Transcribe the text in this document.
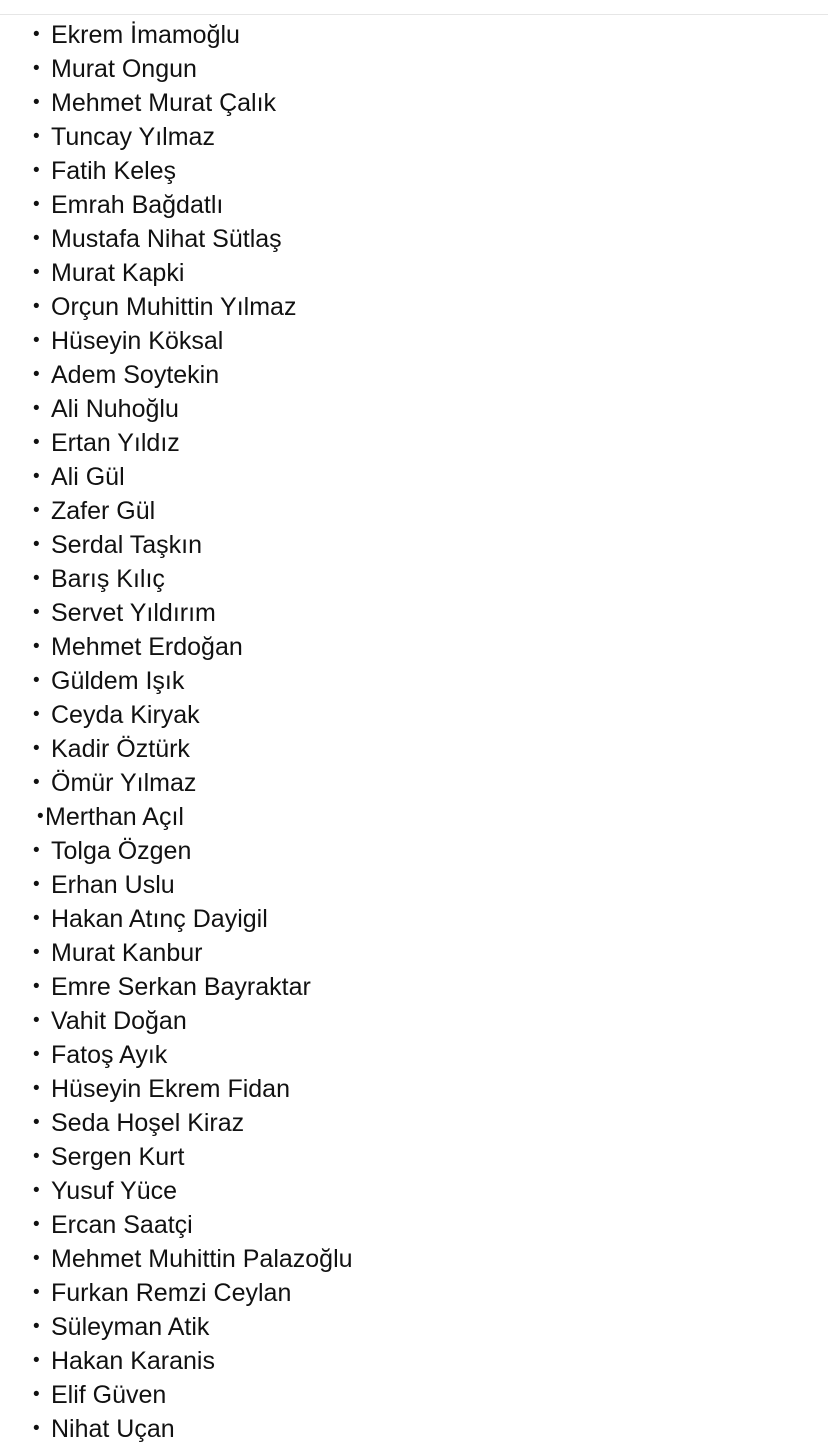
• Ekrem İmamoğlu
• Murat Ongun
• Mehmet Murat Çalık
• Tuncay Yılmaz
• Fatih Keleş
• Emrah Bağdatlı
• Mustafa Nihat Sütlaş
• Murat Kapki
• Orçun Muhittin Yılmaz
• Hüseyin Köksal
• Adem Soytekin
• Ali Nuhoğlu
• Ertan Yıldız
• Ali Gül
• Zafer Gül
• Serdal Taşkın
• Barış Kılıç
• Servet Yıldırım
• Mehmet Erdoğan
• Güldem Işık
• Ceyda Kiryak
• Kadir Öztürk
• Ömür Yılmaz
• Merthan Açıl
• Tolga Özgen
• Erhan Uslu
• Hakan Atınç Dayigil
• Murat Kanbur
• Emre Serkan Bayraktar
• Vahit Doğan
• Fatoş Ayık
• Hüseyin Ekrem Fidan
• Seda Hoşel Kiraz
• Sergen Kurt
• Yusuf Yüce
• Ercan Saatçi
• Mehmet Muhittin Palazoğlu
• Furkan Remzi Ceylan
• Süleyman Atik
• Hakan Karanis
• Elif Güven
• Nihat Uçan
